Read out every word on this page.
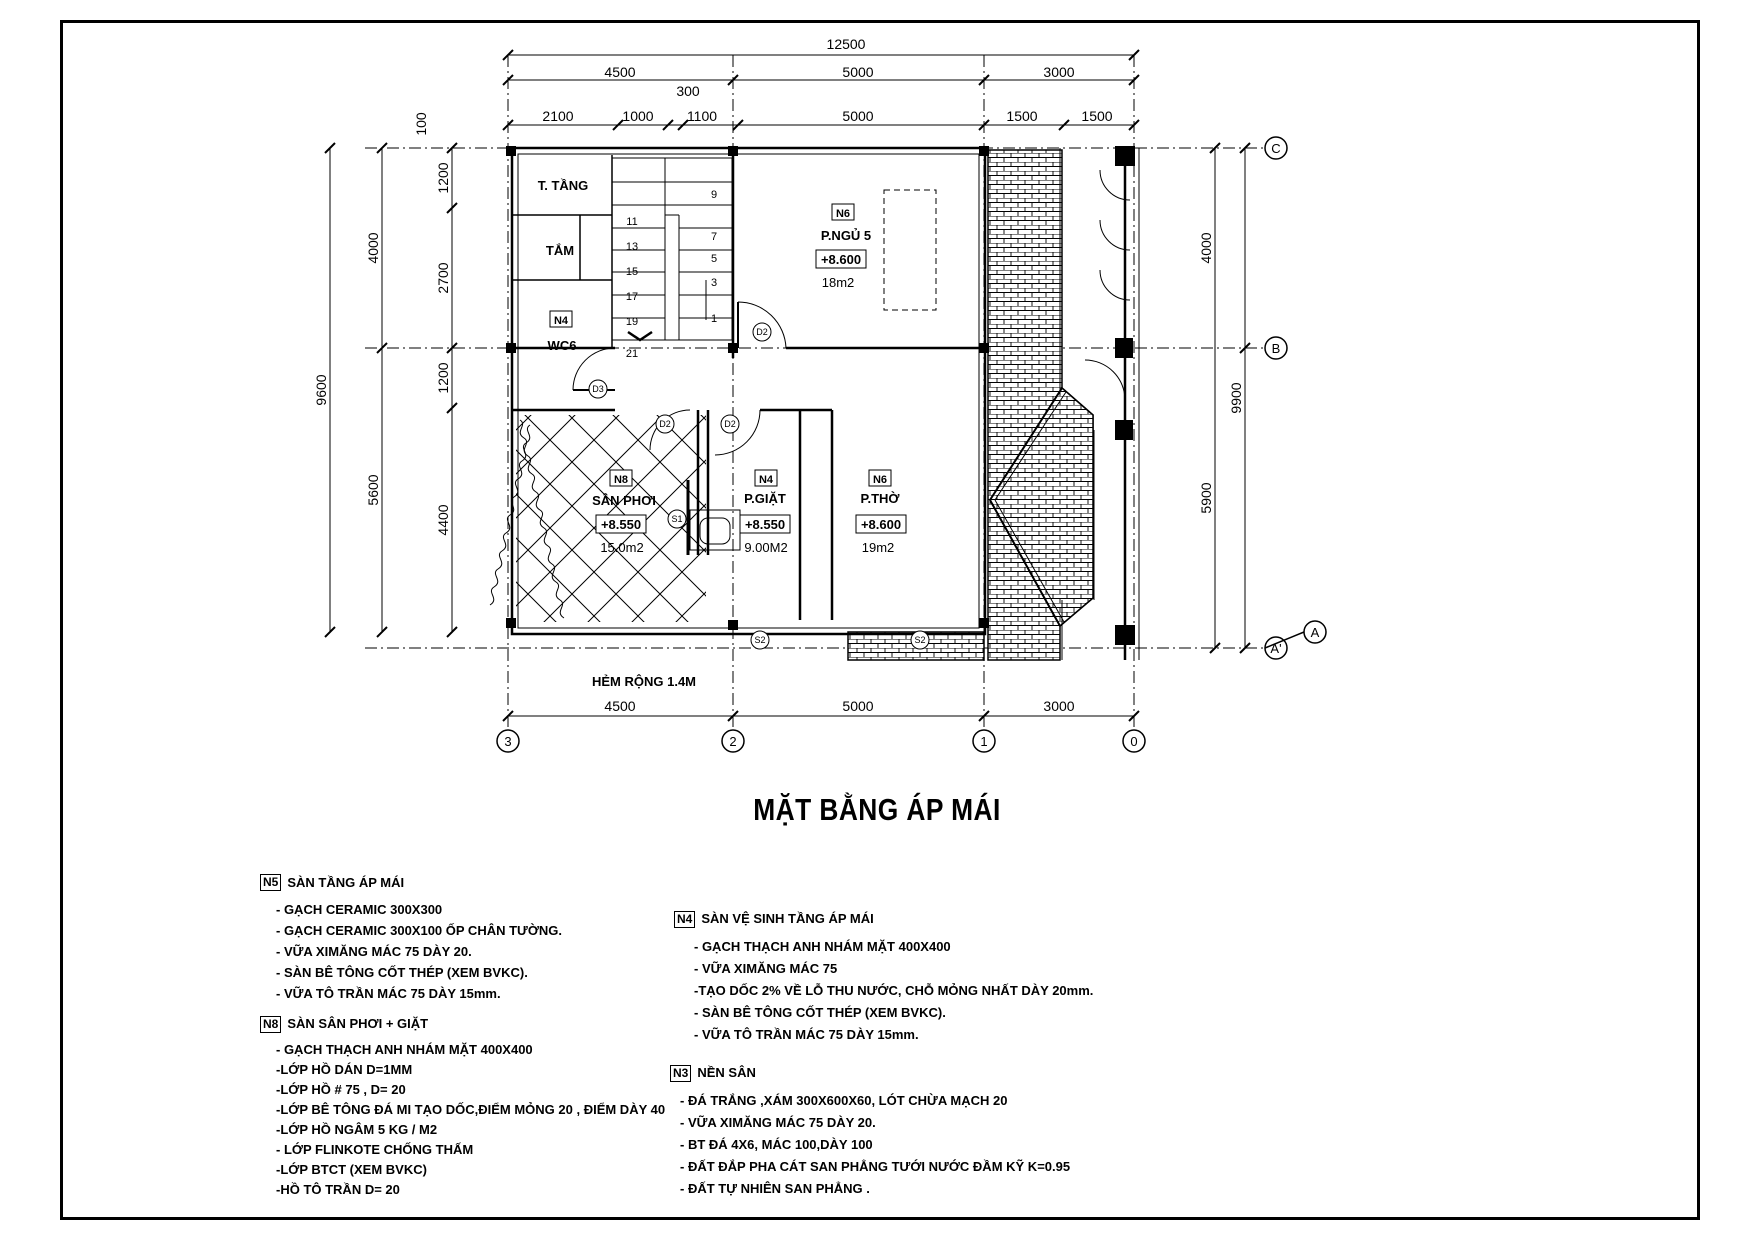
12500
4500	5000	3000
300
2100	1000 1100	5000	1500	1500
4500	5000	3000
9600
4000
5600
1200
2700
1200
4400
100
4000
5900
9900
3	2	1	0
C
B
A'
A
9
7
5
3
1
11
13
15
17
19
21
D2
D3
D2	D2
S1
S2	S2
T. TẦNG
TẮM
N4
WC6
N6
P.NGỦ 5
+8.600
18m2
N8
SÂN PHƠI
+8.550
15.0m2
N4
P.GIẶT
+8.550
9.00M2
N6
P.THỜ
+8.600
19m2
HẺM RỘNG 1.4M
MẶT BẰNG ÁP MÁI
N5 SÀN TẦNG ÁP MÁI
- GẠCH CERAMIC 300X300
- GẠCH CERAMIC 300X100 ỐP CHÂN TƯỜNG.
- VỮA XIMĂNG MÁC 75 DÀY 20.
- SÀN BÊ TÔNG CỐT THÉP (XEM BVKC).
- VỮA TÔ TRẦN MÁC 75 DÀY 15mm.
N8 SÀN SÂN PHƠI + GIẶT
- GẠCH THẠCH ANH NHÁM MẶT 400X400
-LỚP HỒ DÁN D=1MM
-LỚP HỒ # 75 , D= 20
-LỚP BÊ TÔNG ĐÁ MI TẠO DỐC,ĐIỂM MỎNG 20 , ĐIỂM DÀY 40
-LỚP HỒ NGÂM 5 KG / M2
- LỚP FLINKOTE CHỐNG THẤM
-LỚP BTCT (XEM BVKC)
-HỒ TÔ TRẦN D= 20
N4 SÀN VỆ SINH TẦNG ÁP MÁI
- GẠCH THẠCH ANH NHÁM MẶT 400X400
- VỮA XIMĂNG MÁC 75
-TẠO DỐC 2% VỀ LỖ THU NƯỚC, CHỖ MỎNG NHẤT DÀY 20mm.
- SÀN BÊ TÔNG CỐT THÉP (XEM BVKC).
- VỮA TÔ TRẦN MÁC 75 DÀY 15mm.
N3 NỀN SÂN
- ĐÁ TRẮNG ,XÁM 300X600X60, LÓT CHỪA MẠCH 20
- VỮA XIMĂNG MÁC 75 DÀY 20.
- BT ĐÁ 4X6, MÁC 100,DÀY 100
- ĐẤT ĐẮP PHA CÁT SAN PHẲNG TƯỚI NƯỚC ĐẦM KỸ K=0.95
- ĐẤT TỰ NHIÊN SAN PHẲNG .
